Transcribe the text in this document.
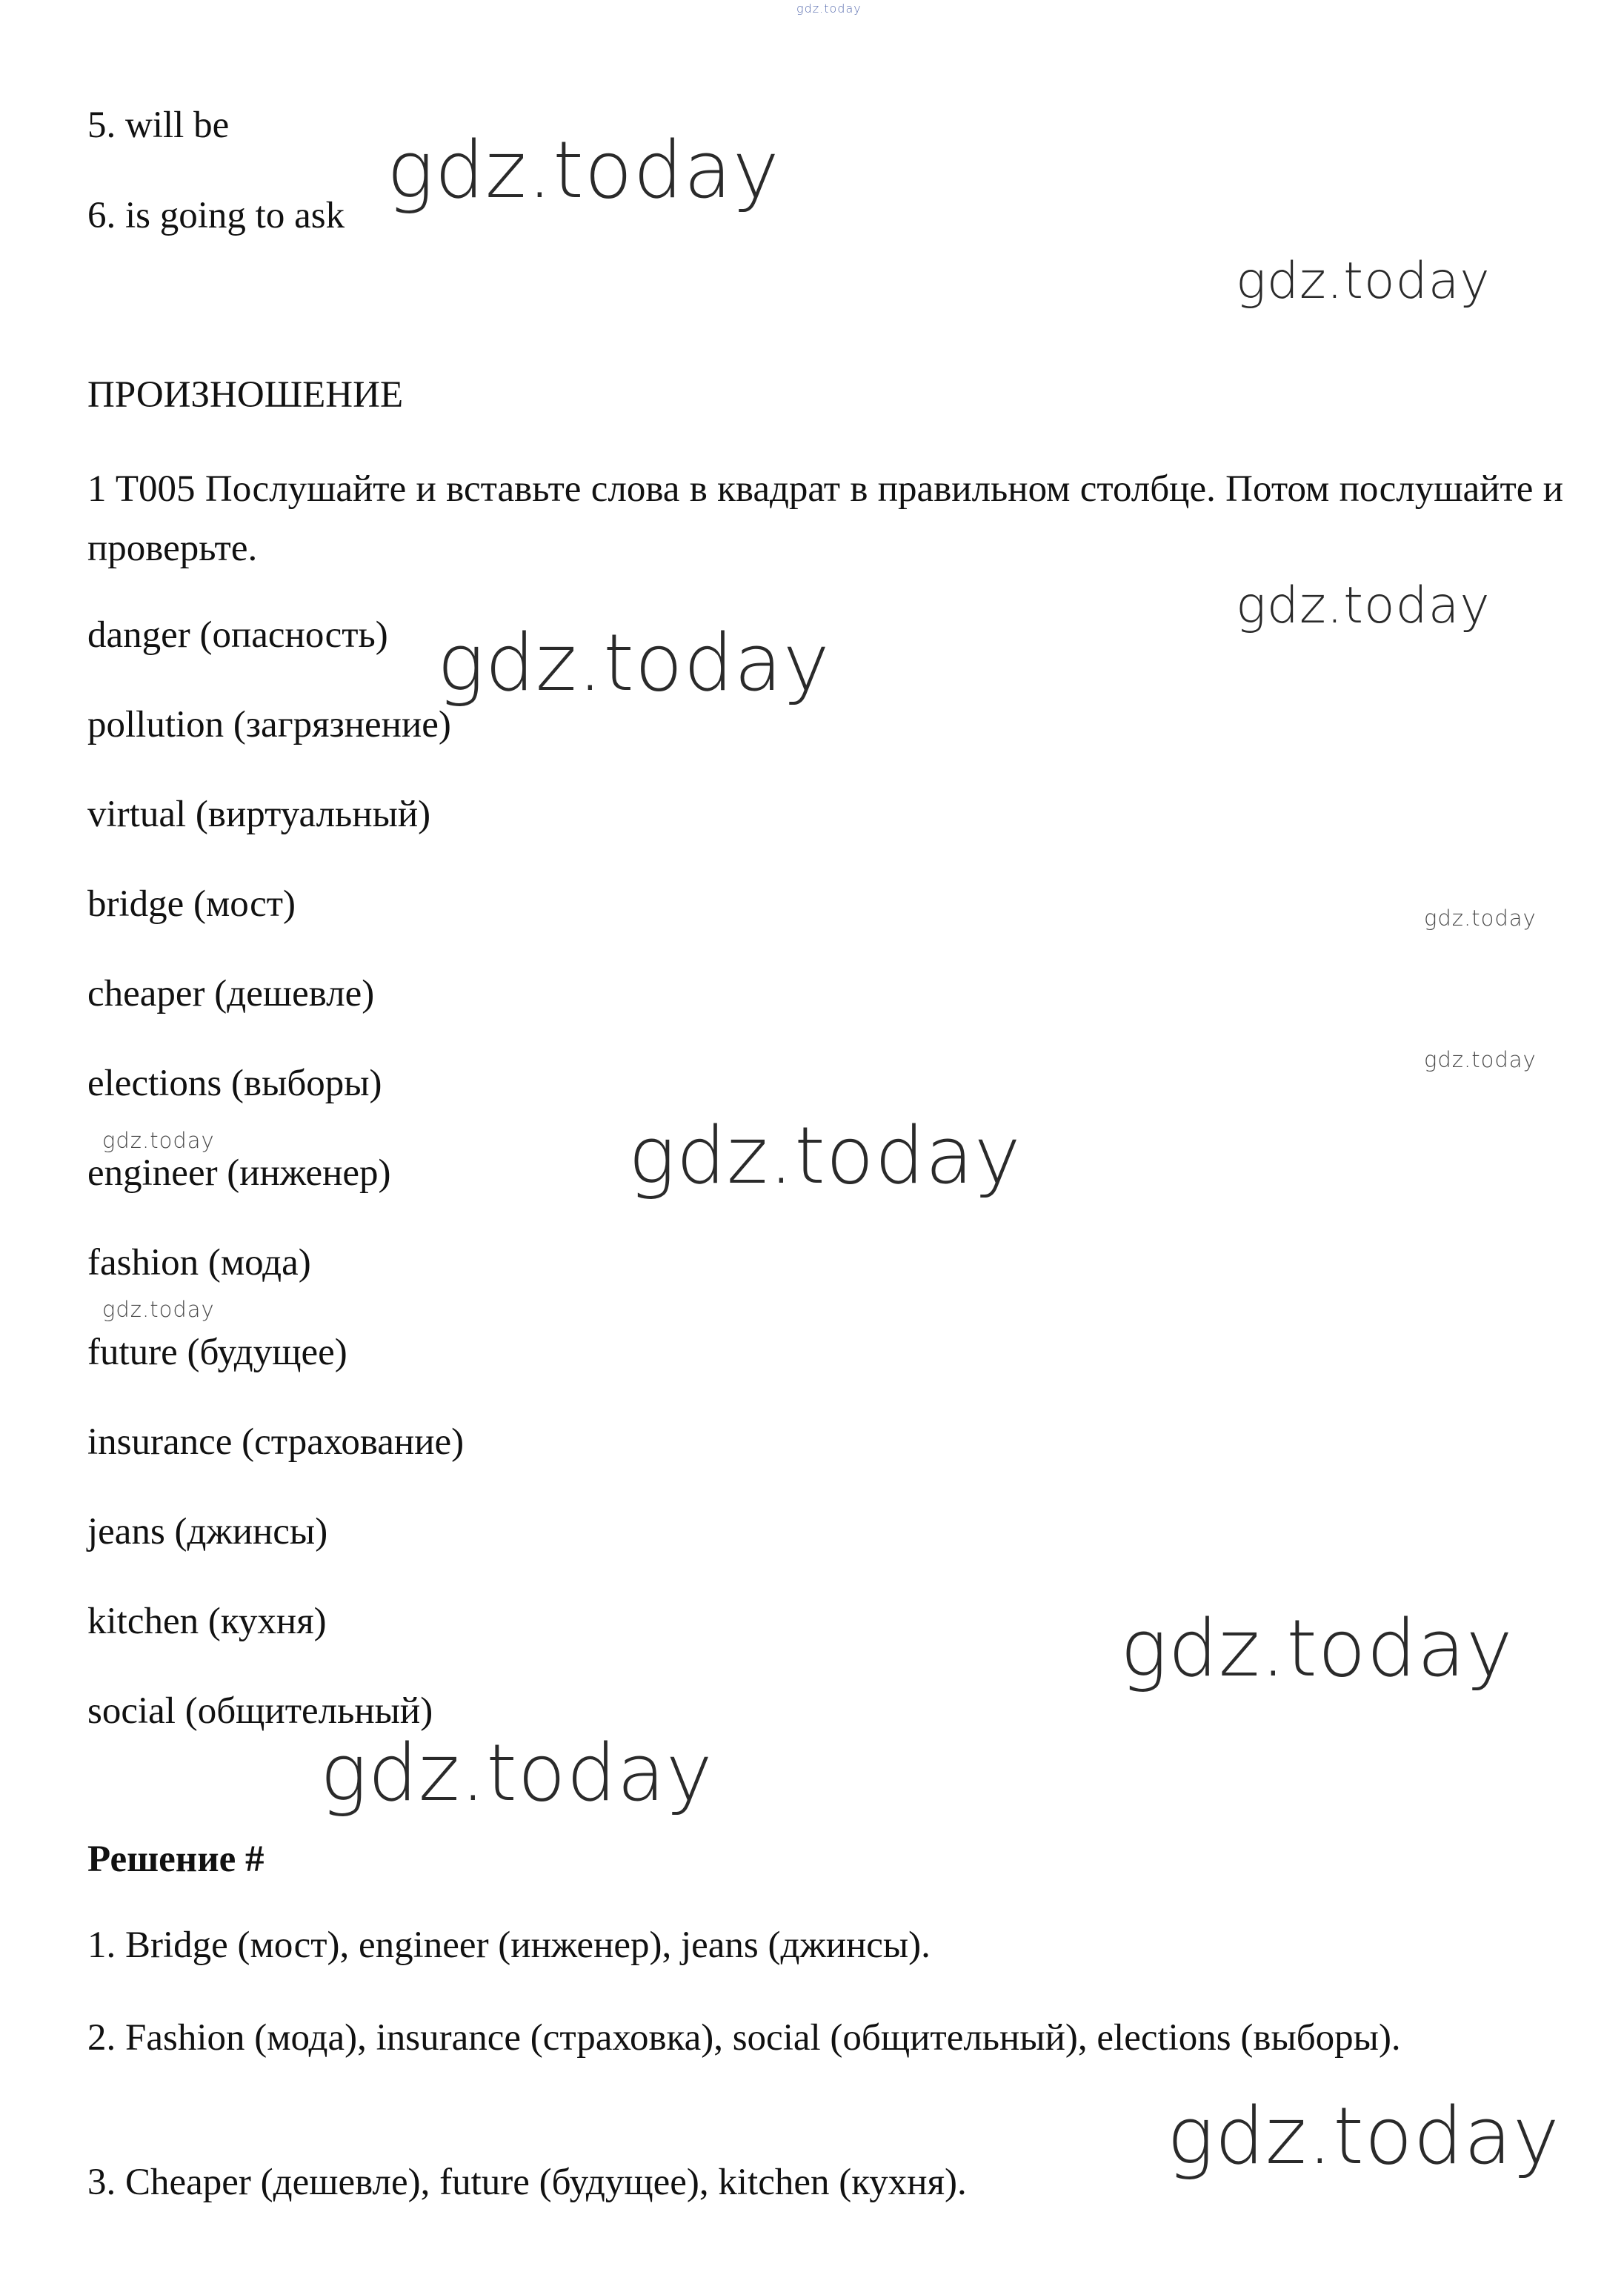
gdz.today

5. will be

6. is going to ask

ПРОИЗНОШЕНИЕ

1 T005 Послушайте и вставьте слова в квадрат в правильном столбце. Потом послушайте и проверьте.

danger (опасность)

pollution (загрязнение)

virtual (виртуальный)

bridge (мост)

cheaper (дешевле)

elections (выборы)

engineer (инженер)

fashion (мода)

future (будущее)

insurance (страхование)

jeans (джинсы)

kitchen (кухня)

social (общительный)

Решение #

1. Bridge (мост), engineer (инженер), jeans (джинсы).

2. Fashion (мода), insurance (страховка), social (общительный), elections (выборы).

3. Cheaper (дешевле), future (будущее), kitchen (кухня).

gdz.today
gdz.today
gdz.today
gdz.today
gdz.today
gdz.today
gdz.today	gdz.today
gdz.today
gdz.today
gdz.today
gdz.today
